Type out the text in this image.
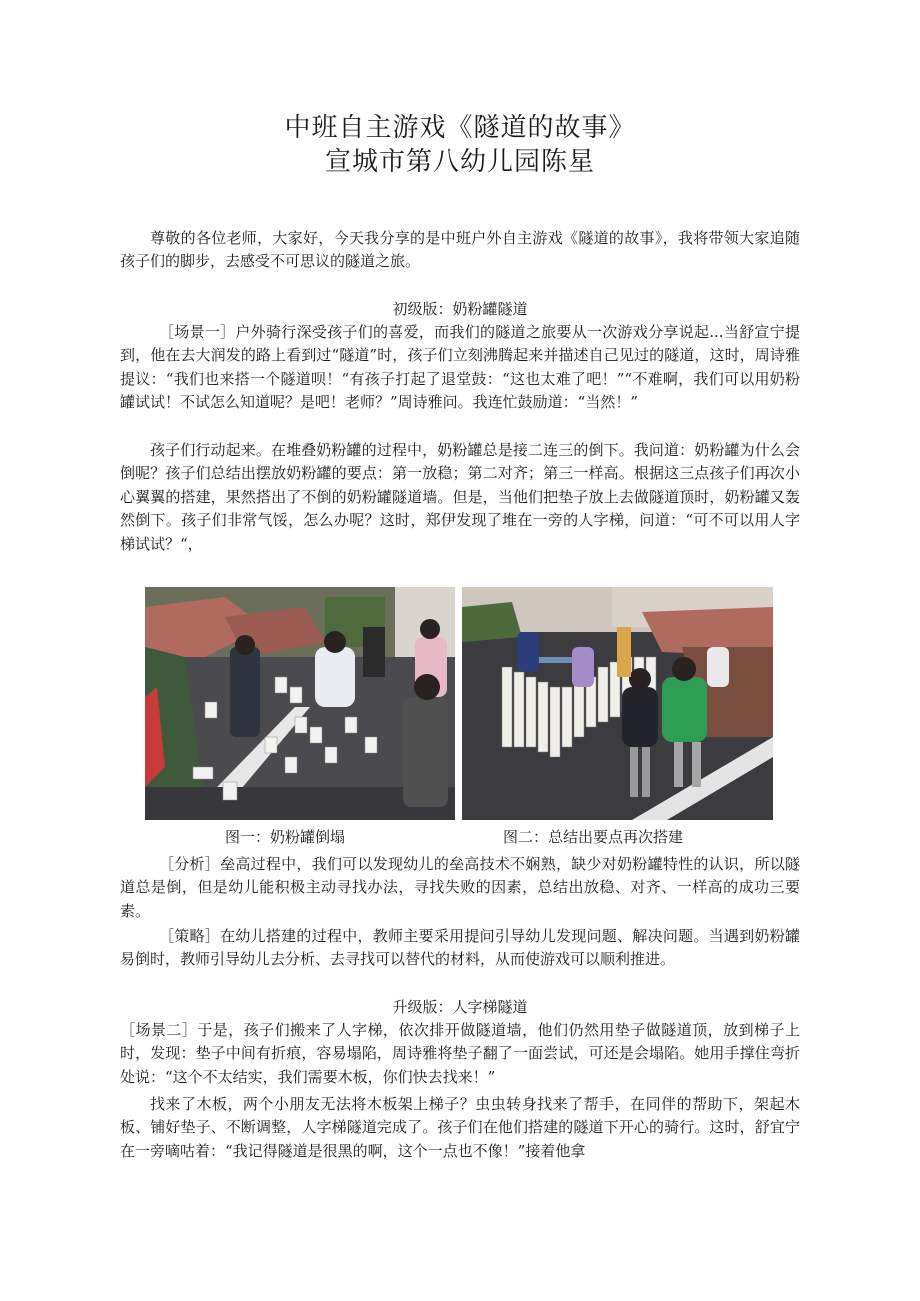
中班自主游戏《隧道的故事》
宣城市第八幼儿园陈星

尊敬的各位老师，大家好，今天我分享的是中班户外自主游戏《隧道的故事》，我将带领大家追随孩子们的脚步，去感受不可思议的隧道之旅。

初级版：奶粉罐隧道

［场景一］户外骑行深受孩子们的喜爱，而我们的隧道之旅要从一次游戏分享说起...当舒宣宁提到，他在去大润发的路上看到过“隧道”时，孩子们立刻沸腾起来并描述自己见过的隧道，这时，周诗雅提议：“我们也来搭一个隧道呗！“有孩子打起了退堂鼓：“这也太难了吧！”“不难啊，我们可以用奶粉罐试试！不试怎么知道呢？是吧！老师？”周诗雅问。我连忙鼓励道：“当然！”

孩子们行动起来。在堆叠奶粉罐的过程中，奶粉罐总是接二连三的倒下。我问道：奶粉罐为什么会倒呢？孩子们总结出摆放奶粉罐的要点：第一放稳；第二对齐；第三一样高。根据这三点孩子们再次小心翼翼的搭建，果然搭出了不倒的奶粉罐隧道墙。但是，当他们把垫子放上去做隧道顶时，奶粉罐又轰然倒下。孩子们非常气馁，怎么办呢？这时，郑伊发现了堆在一旁的人字梯，问道：“可不可以用人字梯试试？“，

图一：奶粉罐倒塌	图二：总结出要点再次搭建

［分析］垒高过程中，我们可以发现幼儿的垒高技术不娴熟，缺少对奶粉罐特性的认识，所以隧道总是倒，但是幼儿能积极主动寻找办法，寻找失败的因素，总结出放稳、对齐、一样高的成功三要素。

［策略］在幼儿搭建的过程中，教师主要采用提问引导幼儿发现问题、解决问题。当遇到奶粉罐易倒时，教师引导幼儿去分析、去寻找可以替代的材料，从而使游戏可以顺利推进。

升级版：人字梯隧道

［场景二］于是，孩子们搬来了人字梯，依次排开做隧道墙，他们仍然用垫子做隧道顶，放到梯子上时，发现：垫子中间有折痕，容易塌陷，周诗雅将垫子翻了一面尝试，可还是会塌陷。她用手撑住弯折处说：“这个不太结实，我们需要木板，你们快去找来！”

找来了木板，两个小朋友无法将木板架上梯子？虫虫转身找来了帮手，在同伴的帮助下，架起木板、铺好垫子、不断调整，人字梯隧道完成了。孩子们在他们搭建的隧道下开心的骑行。这时，舒宜宁在一旁嘀咕着：“我记得隧道是很黑的啊，这个一点也不像！”接着他拿
